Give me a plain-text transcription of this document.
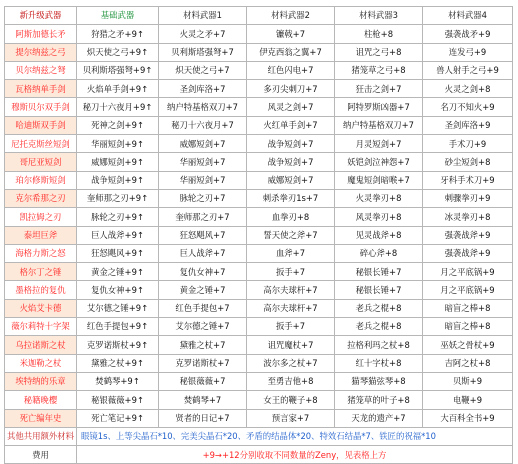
新升级武器	基础武器	材料武器1	材料武器2	材料武器3	材料武器4
阿斯加德长矛	狩猎之矛+9↑	火灵之矛+7	镰戟+7	柱枪+8	强袭战矛+9
提尔纳兹之弓	炽天使之弓+9↑	贝利斯塔强弩+7	伊克西翁之翼+7	诅咒之弓+8	连发弓+9
贝尔纳兹之弩	贝利斯塔强弩+9↑	炽天使之弓+7	红色闪电+7	猪笼草之弓+8	兽人射手之弓+9
瓦格纳单手剑	火焰单手剑+9↑	圣剑库洛+7	多刃尖刺刀+7	狂击之剑+7	火灵之剑+8
穆斯贝尔双手剑	秘刀十六夜月+9↑	纳户特基格双刀+7	风灵之剑+7	阿特罗斯凶器+7	名刀不知火+9
哈迪斯双手剑	死神之剑+9↑	秘刀十六夜月+7	火红单手剑+7	纳户特基格双刀+7	圣剑库洛+9
尼托克斯丝短剑	华丽短剑+9↑	威娜短剑+7	战争短剑+7	月灵短剑+7	手术刀+9
哥尼亚短剑	威娜短剑+9↑	华丽短剑+7	战争短剑+7	妖铠剑泣神怨+7	砂尘短剑+8
珀尔修斯短剑	战争短剑+9↑	华丽短剑+7	威娜短剑+7	魔鬼短剑暗喉+7	牙科手术刀+9
克尔希那之刃	奎师那之刃+9↑	脉轮之刃+7	刺杀拳刃1s+7	火灵拳刃+8	刺骤拳刃+9
凯拉姆之刃	脉轮之刃+9↑	奎师那之刃+7	血拳刃+8	风灵拳刃+8	冰灵拳刃+8
泰坦巨斧	巨人战斧+9↑	狂怒飓风+7	誓天使之斧+7	见灵战斧+8	强袭战斧+9
海格力斯之怒	狂怒飓风+9↑	巨人战斧+7	血斧+7	碎心斧+8	强袭战斧+9
格尔丁之锤	黄金之锤+9↑	复仇女神+7	扳手+7	秘银长锤+7	月之平底锅+9
墨格拉的复仇	复仇女神+9↑	黄金之锤+7	高尔夫球杆+7	秘银长锤+7	月之平底锅+9
火焰艾卡德	艾尔德之锤+9↑	红色手提包+7	高尔夫球杆+7	老兵之棍+8	暗盲之棒+8
薇尔莉特十字架	红色手提包+9↑	艾尔德之锤+7	扳手+7	老兵之棍+8	暗盲之棒+8
乌拉诺斯之杖	克罗诺斯杖+9↑	黛雅之杖+7	诅咒魔杖+7	拉格利玛之杖+8	巫妖之骨杖+9
米迦勒之杖	黛雅之杖+9↑	克罗诺斯杖+7	波尔多之杖+7	红十字杖+8	吉阿之杖+8
埃特纳的乐章	焚鹤琴+9↑	秘银薇薇+7	至勇吉他+8	猫琴猫弦琴+8	贝斯+9
秘籍晚樱	秘银薇薇+9↑	焚鹤琴+7	女王的鞭子+8	猪笼草的叶子+8	电鞭+9
死亡编年史	死亡笔记+9↑	贤者的日记+7	预言家+7	天龙的遗产+7	大百科全书+9
其他共用额外材料	眼镜1s、上等尖晶石*10、完美尖晶石*20、矛盾的结晶体*20、特效石结晶*7、铁匠的祝福*10				
费用	+9→+12分别收取不同数量的Zeny，见表格上方				
